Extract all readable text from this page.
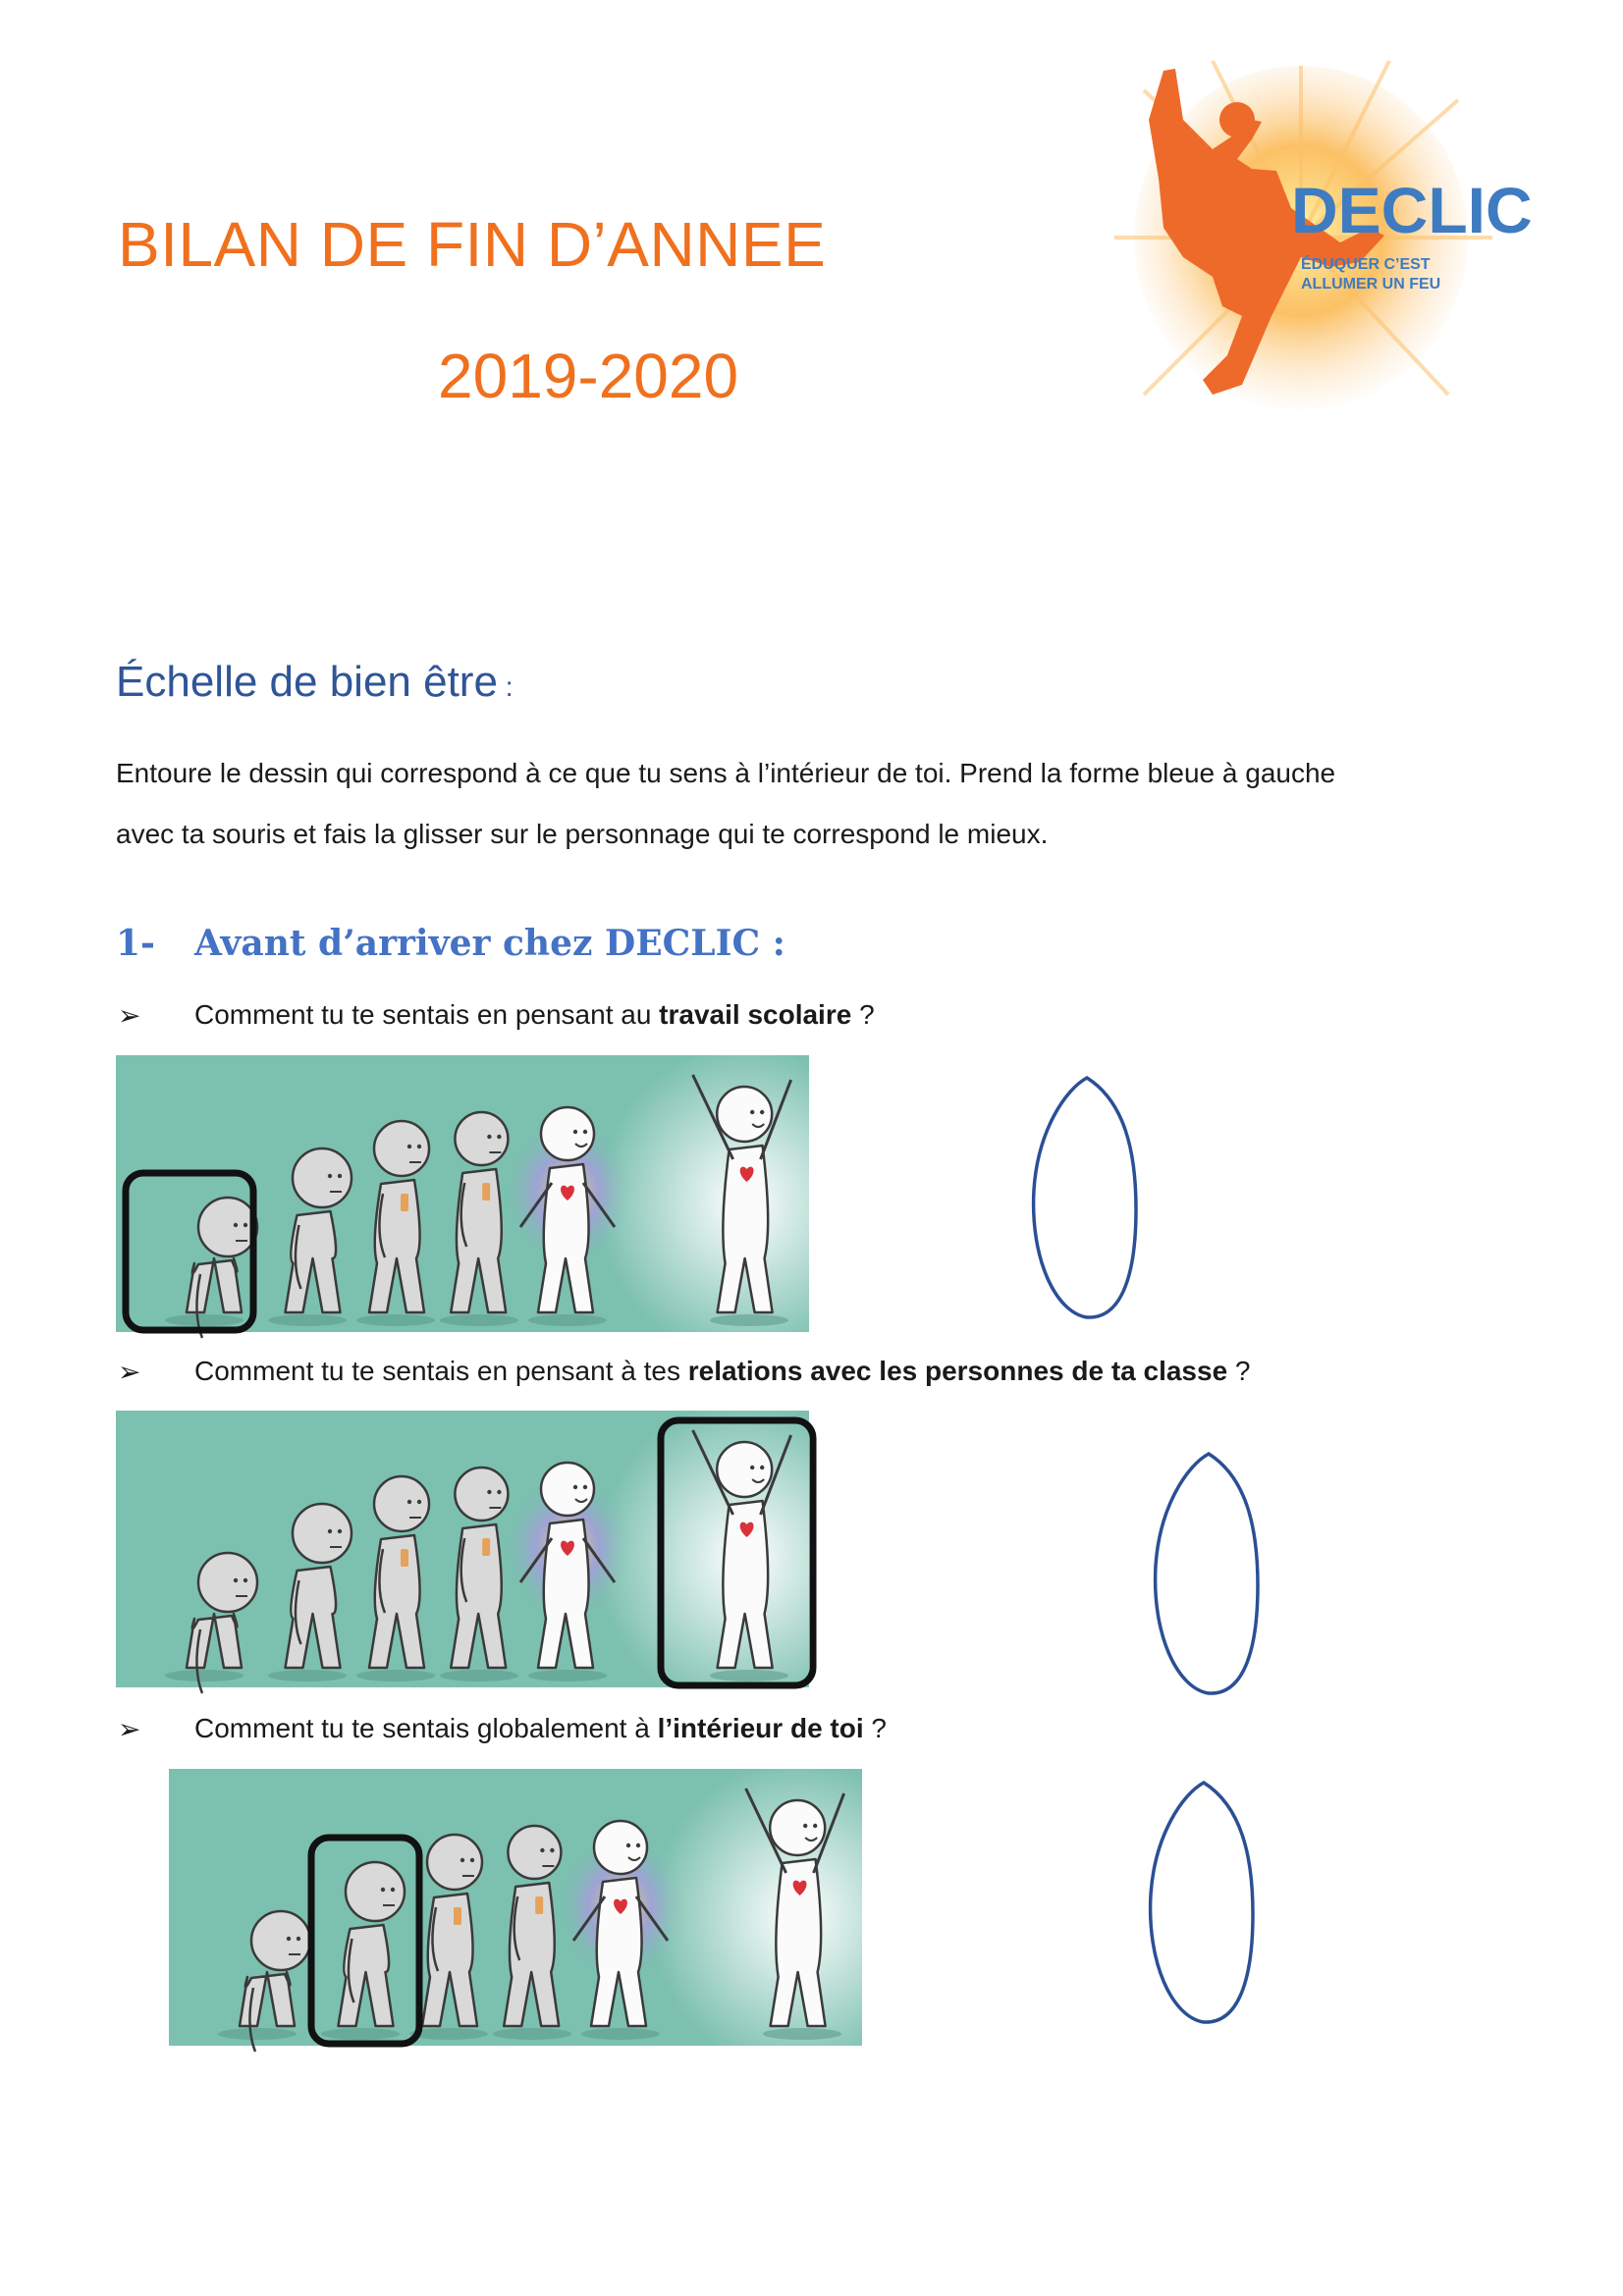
BILAN DE FIN D’ANNEE
2019-2020
DECLIC
ÉDUQUER C’EST
ALLUMER UN FEU
Échelle de bien être :
Entoure le dessin qui correspond à ce que tu sens à l’intérieur de toi. Prend la forme bleue à gauche avec ta souris et fais la glisser sur le personnage qui te correspond le mieux.
1- Avant d’arriver chez DECLIC :
➢ Comment tu te sentais en pensant au travail scolaire ?
➢ Comment tu te sentais en pensant à tes relations avec les personnes de ta classe ?
➢ Comment tu te sentais globalement à l’intérieur de toi ?
